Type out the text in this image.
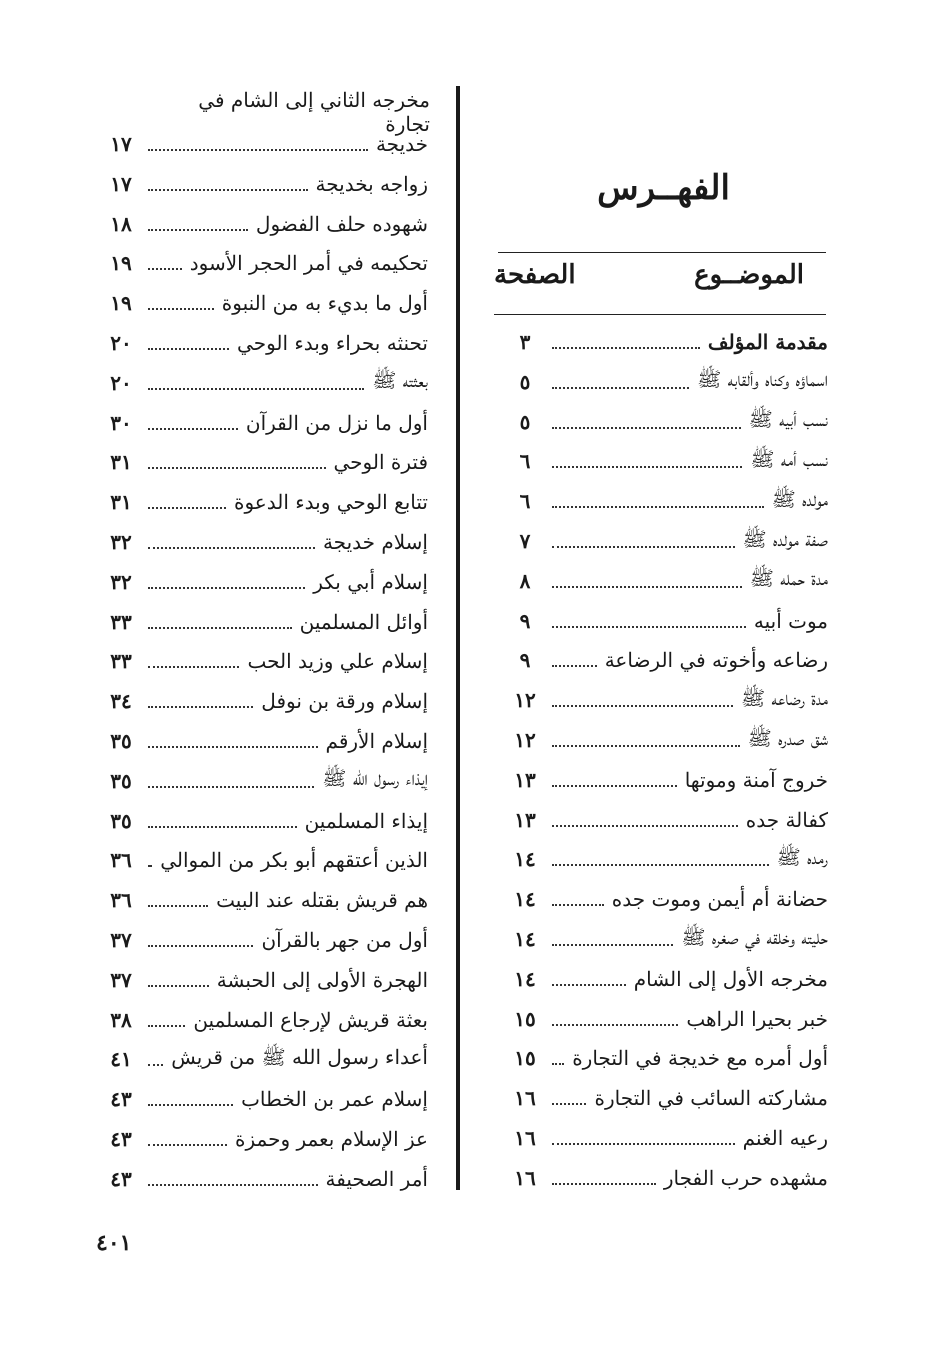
الفهــرس
الموضــوع
الصفحة
مخرجه الثاني إلى الشام في تجارة
مقدمة المؤلف
٣
اسماؤه وكناه وألقابه ﷺ
٥
نسب أبيه ﷺ
٥
نسب أمه ﷺ
٦
مولده ﷺ
٦
صفة مولده ﷺ
٧
مدة حمله ﷺ
٨
موت أبيه
٩
رضاعه وأخوته في الرضاعة
٩
مدة رضاعه ﷺ
١٢
شق صدره ﷺ
١٢
خروج آمنة وموتها
١٣
كفالة جده
١٣
رمده ﷺ
١٤
حضانة أم أيمن وموت جده
١٤
حليته وخلقه في صغره ﷺ
١٤
مخرجه الأول إلى الشام
١٤
خبر بحيرا الراهب
١٥
أول أمره مع خديجة في التجارة
١٥
مشاركته السائب في التجارة
١٦
رعيه الغنم
١٦
مشهده حرب الفجار
١٦
خديجة
١٧
زواجه بخديجة
١٧
شهوده حلف الفضول
١٨
تحكيمه في أمر الحجر الأسود
١٩
أول ما بديء به من النبوة
١٩
تحنثه بحراء وبدء الوحي
٢٠
بعثته ﷺ
٢٠
أول ما نزل من القرآن
٣٠
فترة الوحي
٣١
تتابع الوحي وبدء الدعوة
٣١
إسلام خديجة
٣٢
إسلام أبي بكر
٣٢
أوائل المسلمين
٣٣
إسلام علي وزيد الحب
٣٣
إسلام ورقة بن نوفل
٣٤
إسلام الأرقم
٣٥
إيذاء رسول الله ﷺ
٣٥
إيذاء المسلمين
٣٥
الذين أعتقهم أبو بكر من الموالي
٣٦
هم قريش بقتله عند البيت
٣٦
أول من جهر بالقرآن
٣٧
الهجرة الأولى إلى الحبشة
٣٧
بعثة قريش لإرجاع المسلمين
٣٨
أعداء رسول الله ﷺ من قريش
٤١
إسلام عمر بن الخطاب
٤٣
عز الإسلام بعمر وحمزة
٤٣
أمر الصحيفة
٤٣
٤٠١
